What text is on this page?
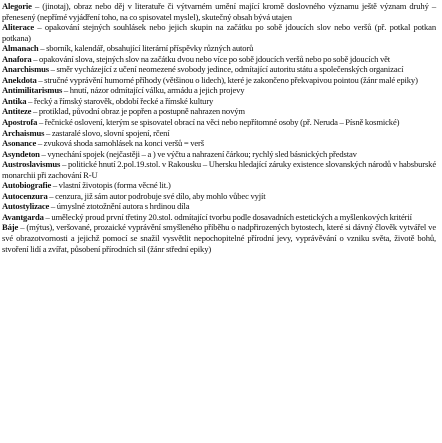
Alegorie – (jinotaj), obraz nebo děj v literatuře či výtvarném umění mající kromě doslovného významu ještě význam druhý – přenesený (nepřímé vyjádření toho, na co spisovatel myslel), skutečný obsah bývá utajen

Aliterace – opakování stejných souhlásek nebo jejich skupin na začátku po sobě jdoucích slov nebo veršů (př. potkal potkan potkana)

Almanach – sborník, kalendář, obsahující literární příspěvky různých autorů

Anafora – opakování slova, stejných slov na začátku dvou nebo více po sobě jdoucích veršů nebo po sobě jdoucích vět

Anarchismus – směr vycházející z učení neomezené svobody jedince, odmítající autoritu státu a společenských organizací

Anekdota – stručné vyprávění humorné příhody (většinou o lidech), které je zakončeno překvapivou pointou (žánr malé epiky)

Antimilitarismus – hnutí, názor odmítající válku, armádu a jejich projevy

Antika – řecký a římský starověk, období řecké a římské kultury

Antiteze – protiklad, původní obraz je popřen a postupně nahrazen novým

Apostrofa – řečnické oslovení, kterým se spisovatel obrací na věci nebo nepřítomné osoby (př. Neruda – Písně kosmické)

Archaismus – zastaralé slovo, slovní spojení, rčení

Asonance – zvuková shoda samohlásek na konci veršů = verš

Asyndeton – vynechání spojek (nejčastěji – a ) ve výčtu a nahrazení čárkou; rychlý sled básnických představ

Austroslavismus – politické hnutí 2.pol.19.stol. v Rakousku – Uhersku hledající záruky existence slovanských národů v habsburské monarchii při zachování R-U

Autobiografie – vlastní životopis (forma věcné lit.)

Autocenzura – cenzura, již sám autor podrobuje své dílo, aby mohlo vůbec vyjít

Autostylizace – úmyslné ztotožnění autora s hrdinou díla

Avantgarda – umělecký proud první třetiny 20.stol. odmítající tvorbu podle dosavadních estetických a myšlenkových kritérií

Báje – (mýtus), veršované, prozaické vyprávění smyšleného příběhu o nadpřirozených bytostech, které si dávný člověk vytvářel ve své obrazotvornosti a jejichž pomocí se snažil vysvětlit nepochopitelné přírodní jevy, vyprávěvání o vzniku světa, životě bohů, stvoření lidí a zvířat, působení přírodních sil (žánr střední epiky)
